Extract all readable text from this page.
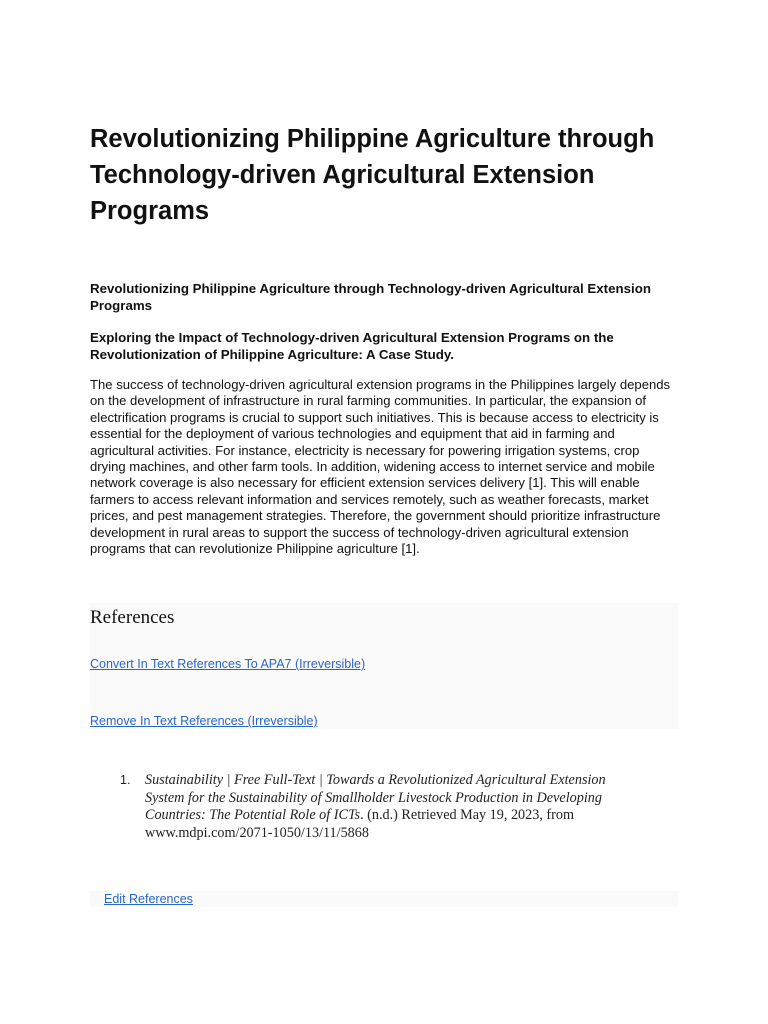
Revolutionizing Philippine Agriculture through Technology-driven Agricultural Extension Programs
Revolutionizing Philippine Agriculture through Technology-driven Agricultural Extension Programs
Exploring the Impact of Technology-driven Agricultural Extension Programs on the Revolutionization of Philippine Agriculture: A Case Study.

The success of technology-driven agricultural extension programs in the Philippines largely depends on the development of infrastructure in rural farming communities. In particular, the expansion of electrification programs is crucial to support such initiatives. This is because access to electricity is essential for the deployment of various technologies and equipment that aid in farming and agricultural activities. For instance, electricity is necessary for powering irrigation systems, crop drying machines, and other farm tools. In addition, widening access to internet service and mobile network coverage is also necessary for efficient extension services delivery [1]. This will enable farmers to access relevant information and services remotely, such as weather forecasts, market prices, and pest management strategies. Therefore, the government should prioritize infrastructure development in rural areas to support the success of technology-driven agricultural extension programs that can revolutionize Philippine agriculture [1].

References
Convert In Text References To APA7 (Irreversible)
Remove In Text References (Irreversible)
1. Sustainability | Free Full-Text | Towards a Revolutionized Agricultural Extension System for the Sustainability of Smallholder Livestock Production in Developing Countries: The Potential Role of ICTs. (n.d.) Retrieved May 19, 2023, from www.mdpi.com/2071-1050/13/11/5868
Edit References
